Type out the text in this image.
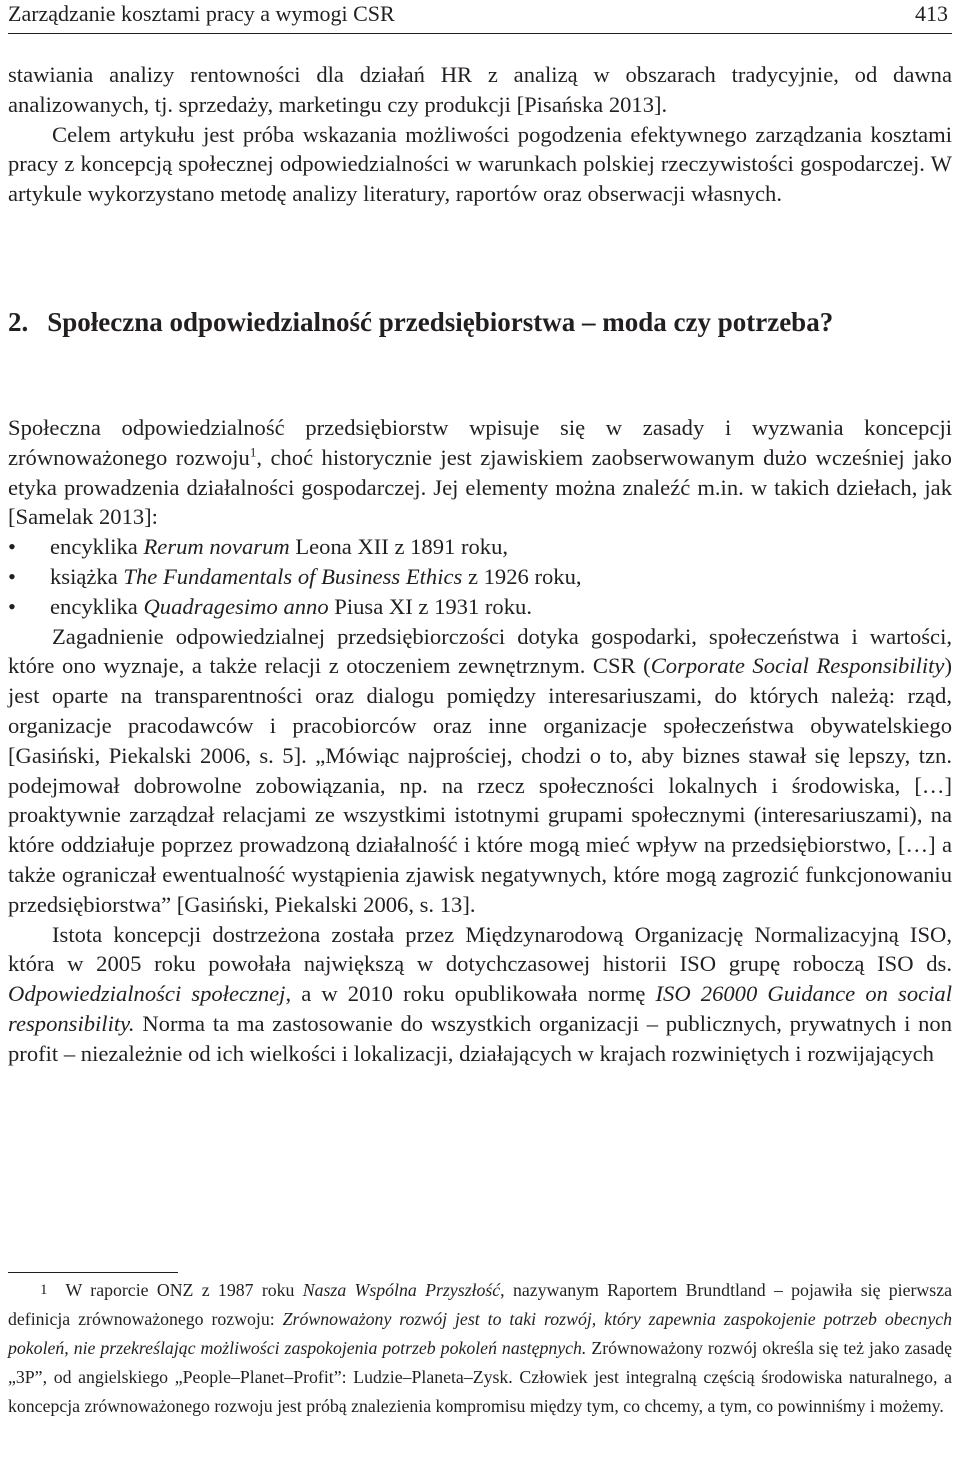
Zarządzanie kosztami pracy a wymogi CSR	413

stawiania analizy rentowności dla działań HR z analizą w obszarach tradycyjnie, od dawna analizowanych, tj. sprzedaży, marketingu czy produkcji [Pisańska 2013].

Celem artykułu jest próba wskazania możliwości pogodzenia efektywnego zarządzania kosztami pracy z koncepcją społecznej odpowiedzialności w warunkach polskiej rzeczywistości gospodarczej. W artykule wykorzystano metodę analizy literatury, raportów oraz obserwacji własnych.

2. Społeczna odpowiedzialność przedsiębiorstwa – moda czy potrzeba?

Społeczna odpowiedzialność przedsiębiorstw wpisuje się w zasady i wyzwania koncepcji zrównoważonego rozwoju$^1$, choć historycznie jest zjawiskiem zaobserwowanym dużo wcześniej jako etyka prowadzenia działalności gospodarczej. Jej elementy można znaleźć m.in. w takich dziełach, jak [Samelak 2013]:

• encyklika Rerum novarum Leona XII z 1891 roku,
• książka The Fundamentals of Business Ethics z 1926 roku,
• encyklika Quadragesimo anno Piusa XI z 1931 roku.

Zagadnienie odpowiedzialnej przedsiębiorczości dotyka gospodarki, społeczeństwa i wartości, które ono wyznaje, a także relacji z otoczeniem zewnętrznym. CSR (Corporate Social Responsibility) jest oparte na transparentności oraz dialogu pomiędzy interesariuszami, do których należą: rząd, organizacje pracodawców i pracobiorców oraz inne organizacje społeczeństwa obywatelskiego [Gasiński, Piekalski 2006, s. 5]. „Mówiąc najprościej, chodzi o to, aby biznes stawał się lepszy, tzn. podejmował dobrowolne zobowiązania, np. na rzecz społeczności lokalnych i środowiska, […] proaktywnie zarządzał relacjami ze wszystkimi istotnymi grupami społecznymi (interesariuszami), na które oddziałuje poprzez prowadzoną działalność i które mogą mieć wpływ na przedsiębiorstwo, […] a także ograniczał ewentualność wystąpienia zjawisk negatywnych, które mogą zagrozić funkcjonowaniu przedsiębiorstwa” [Gasiński, Piekalski 2006, s. 13].

Istota koncepcji dostrzeżona została przez Międzynarodową Organizację Normalizacyjną ISO, która w 2005 roku powołała największą w dotychczasowej historii ISO grupę roboczą ISO ds. Odpowiedzialności społecznej, a w 2010 roku opublikowała normę ISO 26000 Guidance on social responsibility. Norma ta ma zastosowanie do wszystkich organizacji – publicznych, prywatnych i non profit – niezależnie od ich wielkości i lokalizacji, działających w krajach rozwiniętych i rozwijających

1 W raporcie ONZ z 1987 roku Nasza Wspólna Przyszłość, nazywanym Raportem Brundtland – pojawiła się pierwsza definicja zrównoważonego rozwoju: Zrównoważony rozwój jest to taki rozwój, który zapewnia zaspokojenie potrzeb obecnych pokoleń, nie przekreślając możliwości zaspokojenia potrzeb pokoleń następnych. Zrównoważony rozwój określa się też jako zasadę „3P”, od angielskiego „People–Planet–Profit”: Ludzie–Planeta–Zysk. Człowiek jest integralną częścią środowiska naturalnego, a koncepcja zrównoważonego rozwoju jest próbą znalezienia kompromisu między tym, co chcemy, a tym, co powinniśmy i możemy.
